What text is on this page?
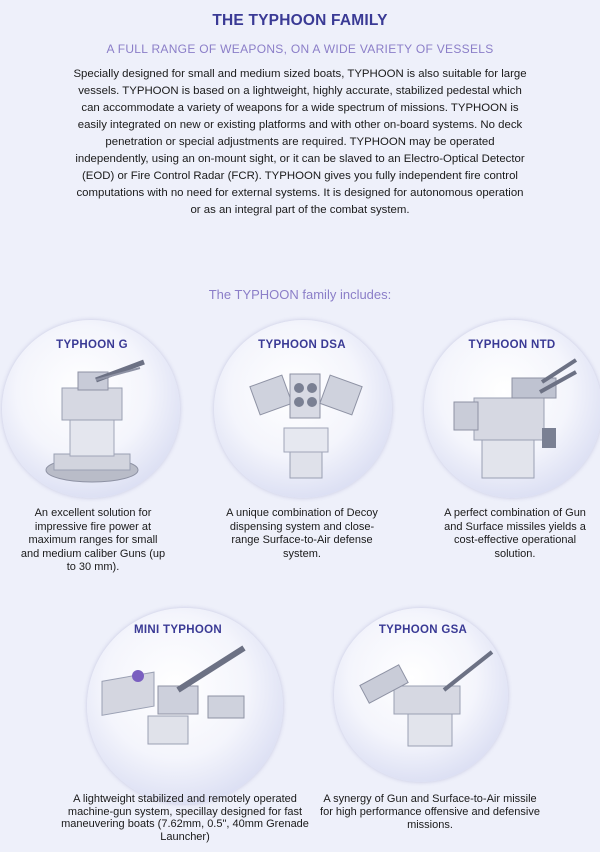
THE TYPHOON FAMILY
A FULL RANGE OF WEAPONS, ON A WIDE VARIETY OF VESSELS

Specially designed for small and medium sized boats, TYPHOON is also suitable for large vessels. TYPHOON is based on a lightweight, highly accurate, stabilized pedestal which can accommodate a variety of weapons for a wide spectrum of missions. TYPHOON is easily integrated on new or existing platforms and with other on-board systems. No deck penetration or special adjustments are required. TYPHOON may be operated independently, using an on-mount sight, or it can be slaved to an Electro-Optical Detector (EOD) or Fire Control Radar (FCR). TYPHOON gives you fully independent fire control computations with no need for external systems. It is designed for autonomous operation or as an integral part of the combat system.

The TYPHOON family includes:
TYPHOON G
An excellent solution for impressive fire power at maximum ranges for small and medium caliber Guns (up to 30 mm).
TYPHOON DSA
A unique combination of Decoy dispensing system and close-range Surface-to-Air defense system.
TYPHOON NTD
A perfect combination of Gun and Surface missiles yields a cost-effective operational solution.
MINI TYPHOON
A lightweight stabilized and remotely operated machine-gun system, specillay designed for fast maneuvering boats (7.62mm, 0.5", 40mm Grenade Launcher)
TYPHOON GSA
A synergy of Gun and Surface-to-Air missile for high performance offensive and defensive missions.
